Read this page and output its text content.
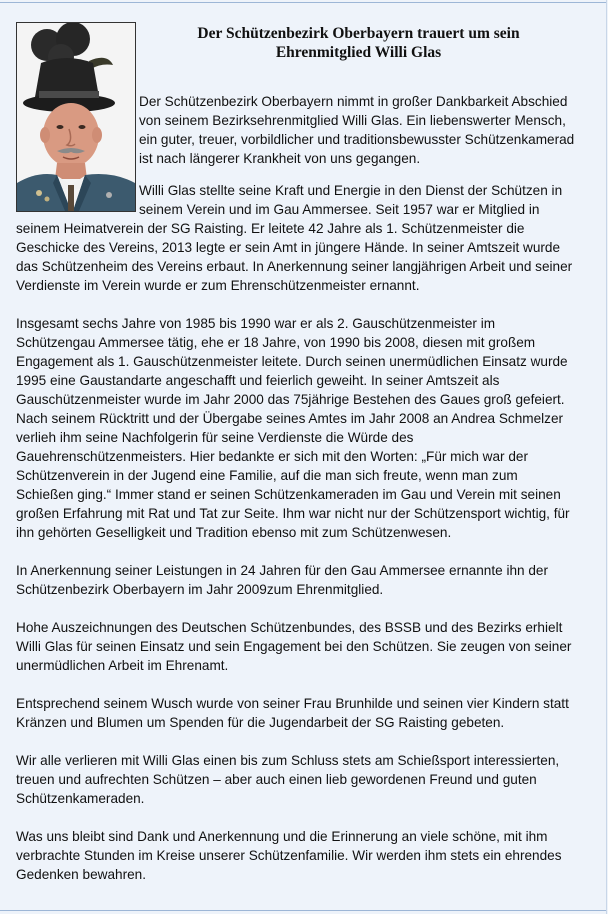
Der Schützenbezirk Oberbayern trauert um sein
Ehrenmitglied Willi Glas

Der Schützenbezirk Oberbayern nimmt in großer Dankbarkeit Abschied von seinem Bezirksehrenmitglied Willi Glas. Ein liebenswerter Mensch, ein guter, treuer, vorbildlicher und traditionsbewusster Schützenkamerad ist nach längerer Krankheit von uns gegangen.

Willi Glas stellte seine Kraft und Energie in den Dienst der Schützen in seinem Verein und im Gau Ammersee. Seit 1957 war er Mitglied in seinem Heimatverein der SG Raisting. Er leitete 42 Jahre als 1. Schützenmeister die Geschicke des Vereins, 2013 legte er sein Amt in jüngere Hände. In seiner Amtszeit wurde das Schützenheim des Vereins erbaut. In Anerkennung seiner langjährigen Arbeit und seiner Verdienste im Verein wurde er zum Ehrenschützenmeister ernannt.

Insgesamt sechs Jahre von 1985 bis 1990 war er als 2. Gauschützenmeister im Schützengau Ammersee tätig, ehe er 18 Jahre, von 1990 bis 2008, diesen mit großem Engagement als 1. Gauschützenmeister leitete. Durch seinen unermüdlichen Einsatz wurde 1995 eine Gaustandarte angeschafft und feierlich geweiht. In seiner Amtszeit als Gauschützenmeister wurde im Jahr 2000 das 75jährige Bestehen des Gaues groß gefeiert. Nach seinem Rücktritt und der Übergabe seines Amtes im Jahr 2008 an Andrea Schmelzer verlieh ihm seine Nachfolgerin für seine Verdienste die Würde des Gauehrenschützenmeisters. Hier bedankte er sich mit den Worten: „Für mich war der Schützenverein in der Jugend eine Familie, auf die man sich freute, wenn man zum Schießen ging.“ Immer stand er seinen Schützenkameraden im Gau und Verein mit seinen großen Erfahrung mit Rat und Tat zur Seite. Ihm war nicht nur der Schützensport wichtig, für ihn gehörten Geselligkeit und Tradition ebenso mit zum Schützenwesen.

In Anerkennung seiner Leistungen in 24 Jahren für den Gau Ammersee ernannte ihn der Schützenbezirk Oberbayern im Jahr 2009zum Ehrenmitglied.

Hohe Auszeichnungen des Deutschen Schützenbundes, des BSSB und des Bezirks erhielt Willi Glas für seinen Einsatz und sein Engagement bei den Schützen. Sie zeugen von seiner unermüdlichen Arbeit im Ehrenamt.

Entsprechend seinem Wusch wurde von seiner Frau Brunhilde und seinen vier Kindern statt Kränzen und Blumen um Spenden für die Jugendarbeit der SG Raisting gebeten.

Wir alle verlieren mit Willi Glas einen bis zum Schluss stets am Schießsport interessierten, treuen und aufrechten Schützen – aber auch einen lieb gewordenen Freund und guten Schützenkameraden.

Was uns bleibt sind Dank und Anerkennung und die Erinnerung an viele schöne, mit ihm verbrachte Stunden im Kreise unserer Schützenfamilie. Wir werden ihm stets ein ehrendes Gedenken bewahren.
